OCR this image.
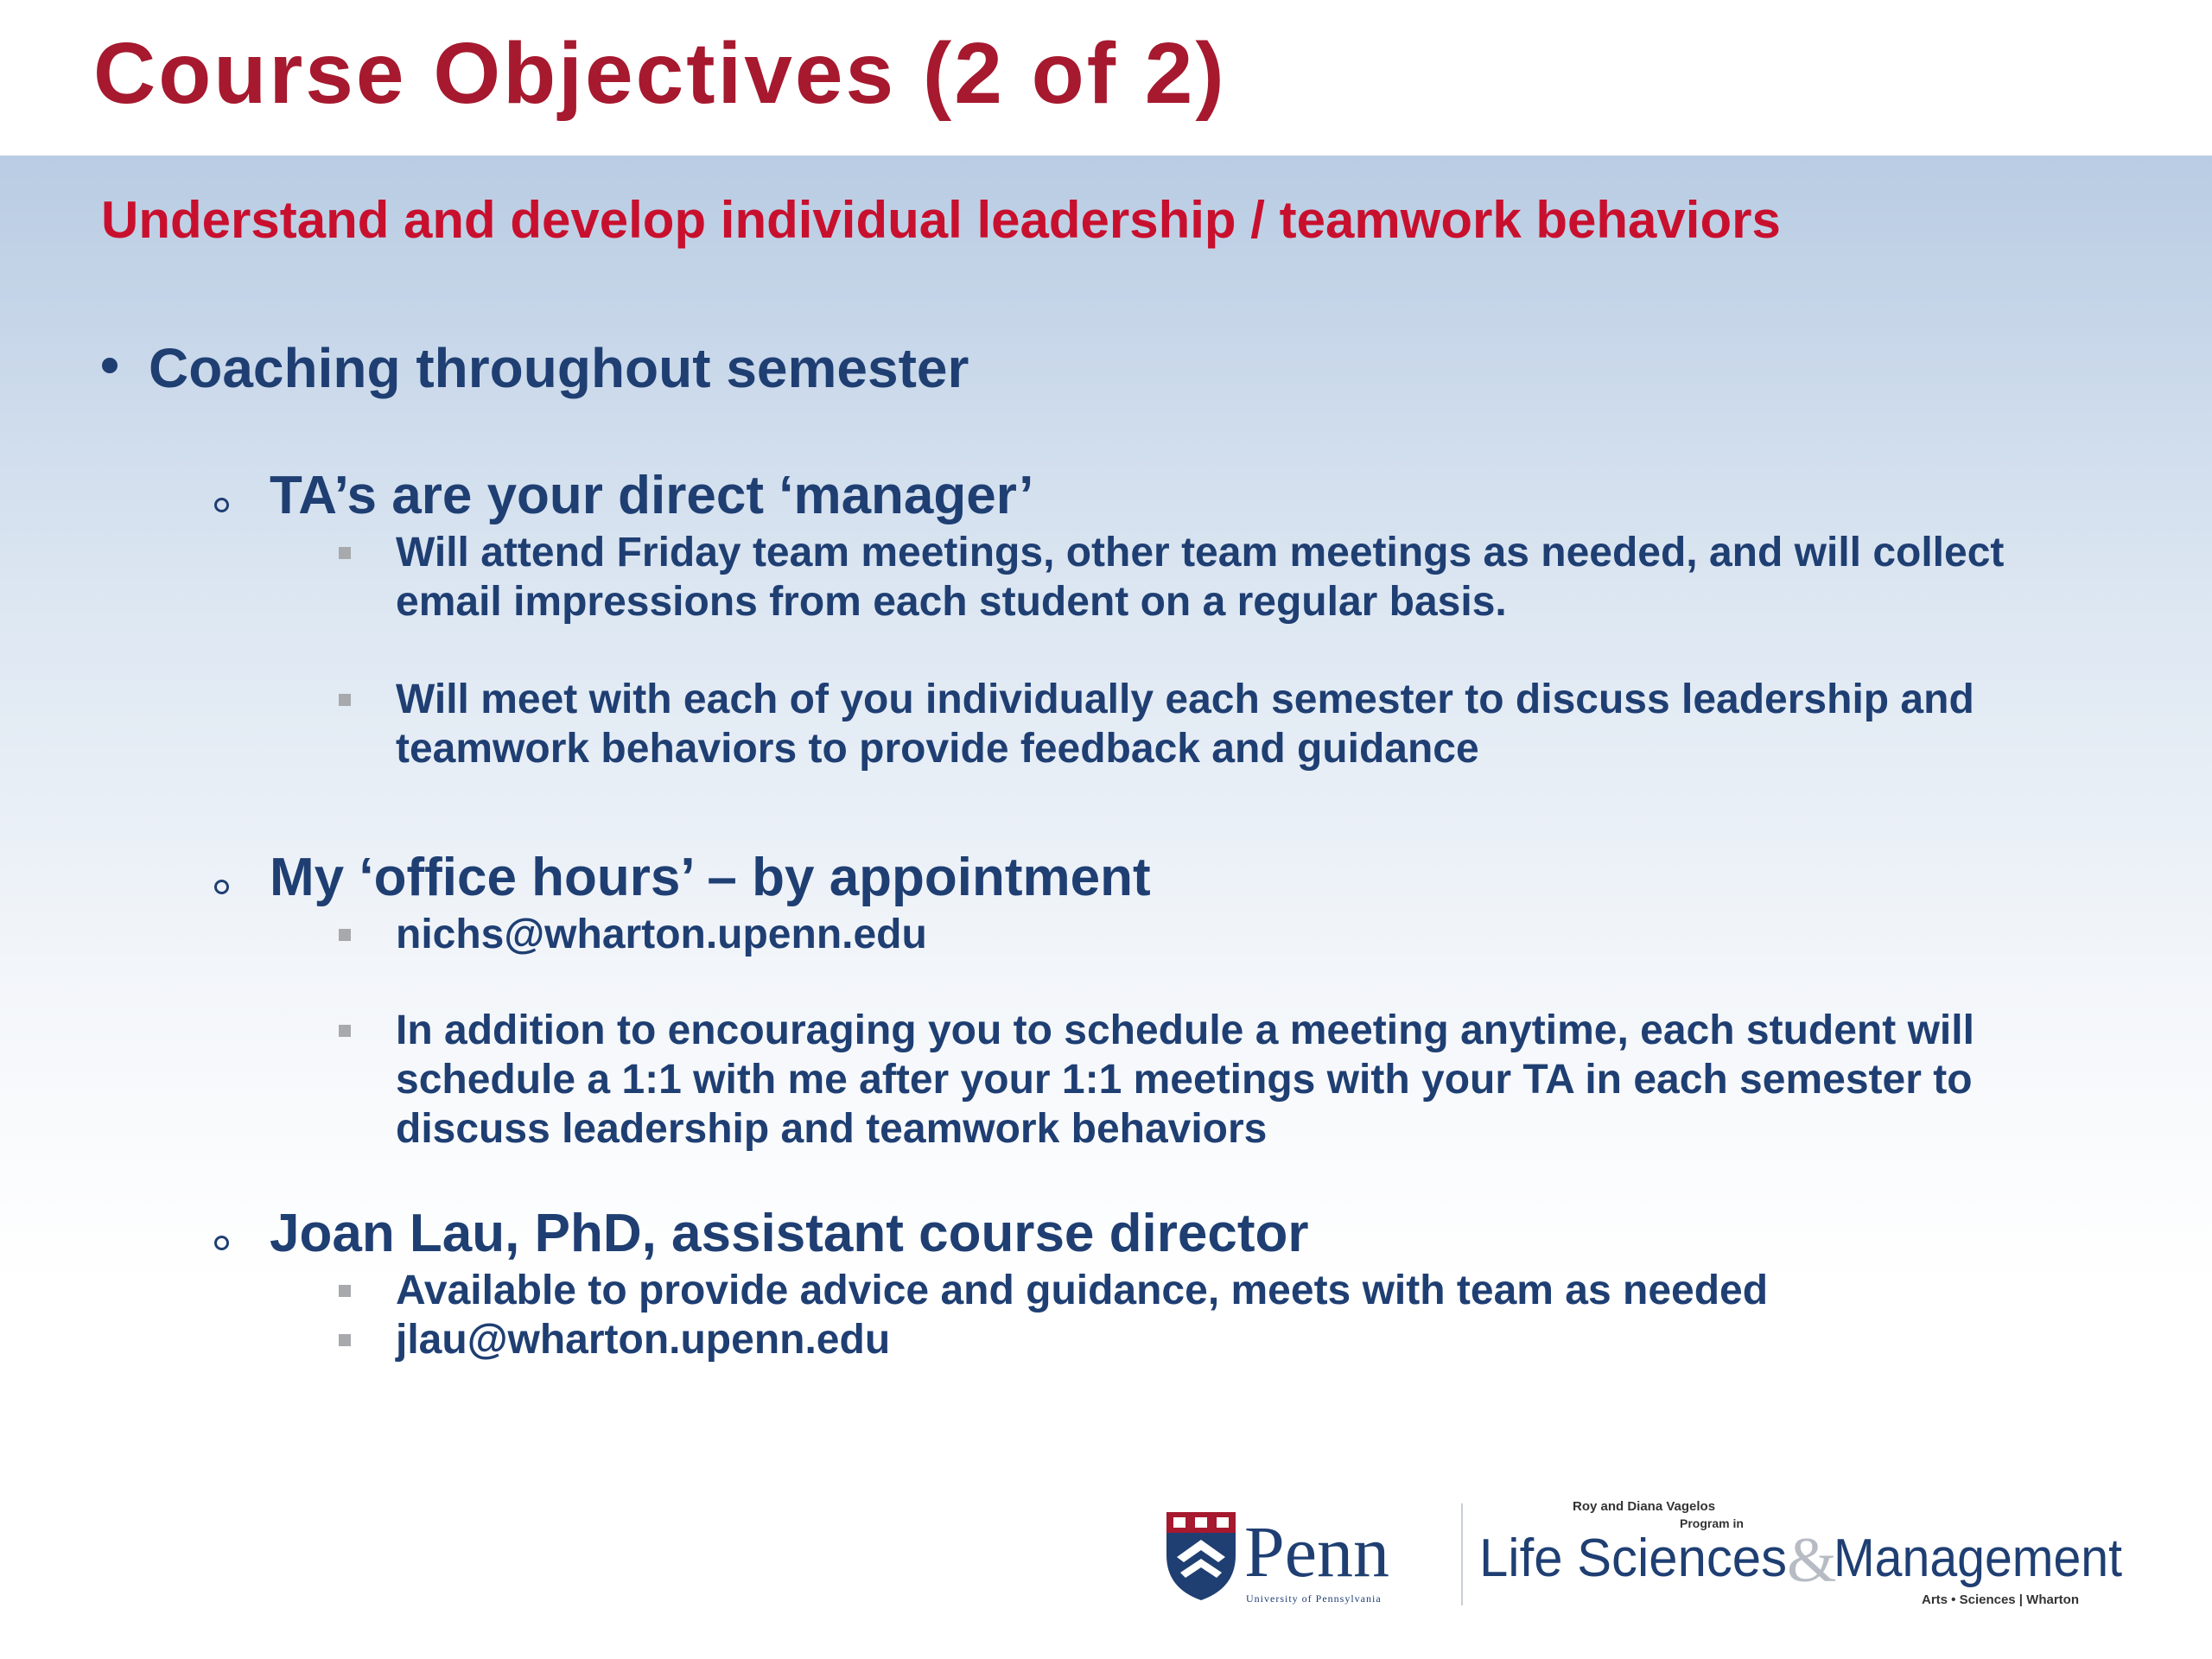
Course Objectives (2 of 2)
Understand and develop individual leadership / teamwork behaviors
Coaching throughout semester
TA’s are your direct ‘manager’
Will attend Friday team meetings, other team meetings as needed, and will collect
email impressions from each student on a regular basis.
Will meet with each of you individually each semester to discuss leadership and
teamwork behaviors to provide feedback and guidance
My ‘office hours’ – by appointment
nichs@wharton.upenn.edu
In addition to encouraging you to schedule a meeting anytime, each student will
schedule a 1:1 with me after your 1:1 meetings with your TA in each semester to
discuss leadership and teamwork behaviors
Joan Lau, PhD, assistant course director
Available to provide advice and guidance, meets with team as needed
jlau@wharton.upenn.edu
Penn
University of Pennsylvania
Roy and Diana Vagelos
Program in
Life Sciences &
Management
Arts • Sciences | Wharton
